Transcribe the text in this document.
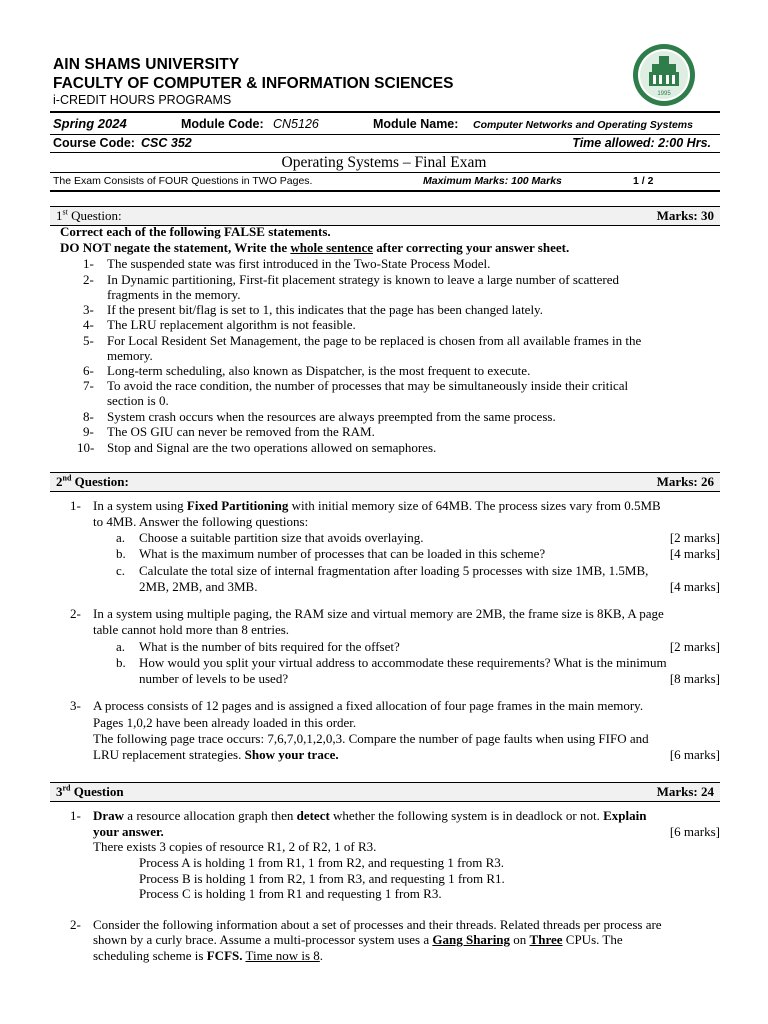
AIN SHAMS UNIVERSITY
FACULTY OF COMPUTER & INFORMATION SCIENCES
i-CREDIT HOURS PROGRAMS	1995
Spring 2024	Module Code: CN5126	Module Name: Computer Networks and Operating Systems
Course Code: CSC 352	Time allowed: 2:00 Hrs.
Operating Systems – Final Exam
The Exam Consists of FOUR Questions in TWO Pages.	Maximum Marks: 100 Marks	1 / 2
1st Question:	Marks: 30
Correct each of the following FALSE statements.
DO NOT negate the statement, Write the whole sentence after correcting your answer sheet.
1- The suspended state was first introduced in the Two-State Process Model.
2- In Dynamic partitioning, First-fit placement strategy is known to leave a large number of scattered
fragments in the memory.
3- If the present bit/flag is set to 1, this indicates that the page has been changed lately.
4- The LRU replacement algorithm is not feasible.
5- For Local Resident Set Management, the page to be replaced is chosen from all available frames in the
memory.
6- Long-term scheduling, also known as Dispatcher, is the most frequent to execute.
7- To avoid the race condition, the number of processes that may be simultaneously inside their critical
section is 0.
8- System crash occurs when the resources are always preempted from the same process.
9- The OS GIU can never be removed from the RAM.
10- Stop and Signal are the two operations allowed on semaphores.
2nd Question:	Marks: 26
1- In a system using Fixed Partitioning with initial memory size of 64MB. The process sizes vary from 0.5MB
to 4MB. Answer the following questions:
a. Choose a suitable partition size that avoids overlaying.	[2 marks]
b. What is the maximum number of processes that can be loaded in this scheme?	[4 marks]
c. Calculate the total size of internal fragmentation after loading 5 processes with size 1MB, 1.5MB,
2MB, 2MB, and 3MB.	[4 marks]
2- In a system using multiple paging, the RAM size and virtual memory are 2MB, the frame size is 8KB, A page
table cannot hold more than 8 entries.
a. What is the number of bits required for the offset?	[2 marks]
b. How would you split your virtual address to accommodate these requirements? What is the minimum
number of levels to be used?	[8 marks]
3- A process consists of 12 pages and is assigned a fixed allocation of four page frames in the main memory.
Pages 1,0,2 have been already loaded in this order.
The following page trace occurs: 7,6,7,0,1,2,0,3. Compare the number of page faults when using FIFO and
LRU replacement strategies. Show your trace.	[6 marks]
3rd Question	Marks: 24
1- Draw a resource allocation graph then detect whether the following system is in deadlock or not. Explain
your answer.	[6 marks]
There exists 3 copies of resource R1, 2 of R2, 1 of R3.
Process A is holding 1 from R1, 1 from R2, and requesting 1 from R3.
Process B is holding 1 from R2, 1 from R3, and requesting 1 from R1.
Process C is holding 1 from R1 and requesting 1 from R3.
2- Consider the following information about a set of processes and their threads. Related threads per process are
shown by a curly brace. Assume a multi-processor system uses a Gang Sharing on Three CPUs. The
scheduling scheme is FCFS. Time now is 8.
